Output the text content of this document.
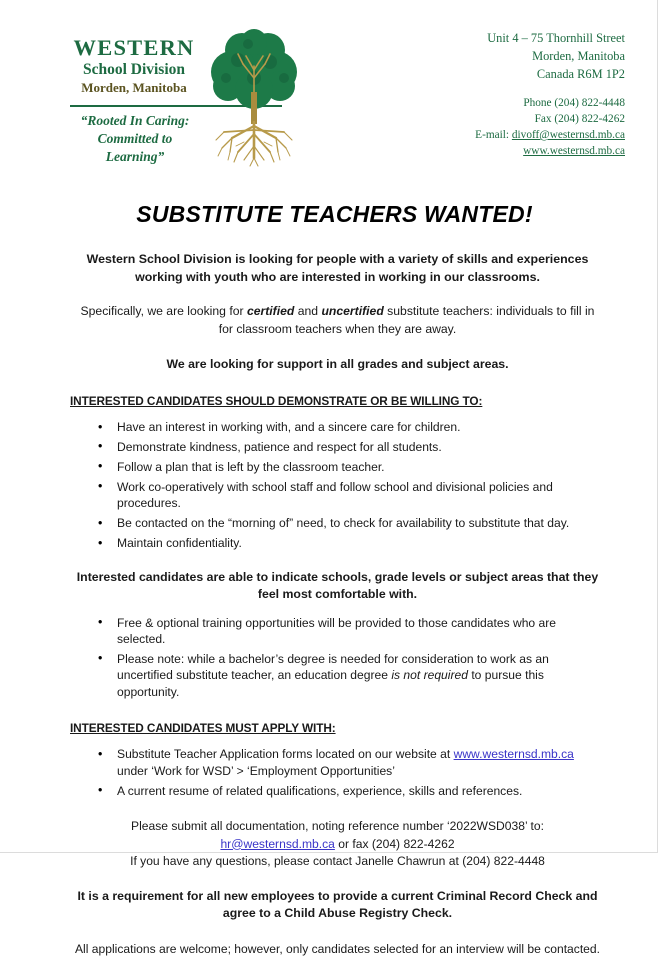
WESTERN
School Division
Morden, Manitoba
“Rooted In Caring:
Committed to Learning”
Unit 4 – 75 Thornhill Street
Morden, Manitoba
Canada R6M 1P2
Phone (204) 822-4448
Fax (204) 822-4262
E-mail: divoff@westernsd.mb.ca
www.westernsd.mb.ca
SUBSTITUTE TEACHERS WANTED!

Western School Division is looking for people with a variety of skills and experiences working with youth who are interested in working in our classrooms.

Specifically, we are looking for certified and uncertified substitute teachers: individuals to fill in for classroom teachers when they are away.

We are looking for support in all grades and subject areas.

INTERESTED CANDIDATES SHOULD DEMONSTRATE OR BE WILLING TO:
• Have an interest in working with, and a sincere care for children.
• Demonstrate kindness, patience and respect for all students.
• Follow a plan that is left by the classroom teacher.
• Work co-operatively with school staff and follow school and divisional policies and procedures.
• Be contacted on the “morning of” need, to check for availability to substitute that day.
• Maintain confidentiality.

Interested candidates are able to indicate schools, grade levels or subject areas that they feel most comfortable with.

• Free & optional training opportunities will be provided to those candidates who are selected.
• Please note: while a bachelor’s degree is needed for consideration to work as an uncertified substitute teacher, an education degree is not required to pursue this opportunity.
INTERESTED CANDIDATES MUST APPLY WITH:
• Substitute Teacher Application forms located on our website at www.westernsd.mb.ca under ‘Work for WSD’ > ‘Employment Opportunities’
• A current resume of related qualifications, experience, skills and references.
Please submit all documentation, noting reference number ‘2022WSD038’ to:
hr@westernsd.mb.ca or fax (204) 822-4262
If you have any questions, please contact Janelle Chawrun at (204) 822-4448

It is a requirement for all new employees to provide a current Criminal Record Check and agree to a Child Abuse Registry Check.

All applications are welcome; however, only candidates selected for an interview will be contacted.
